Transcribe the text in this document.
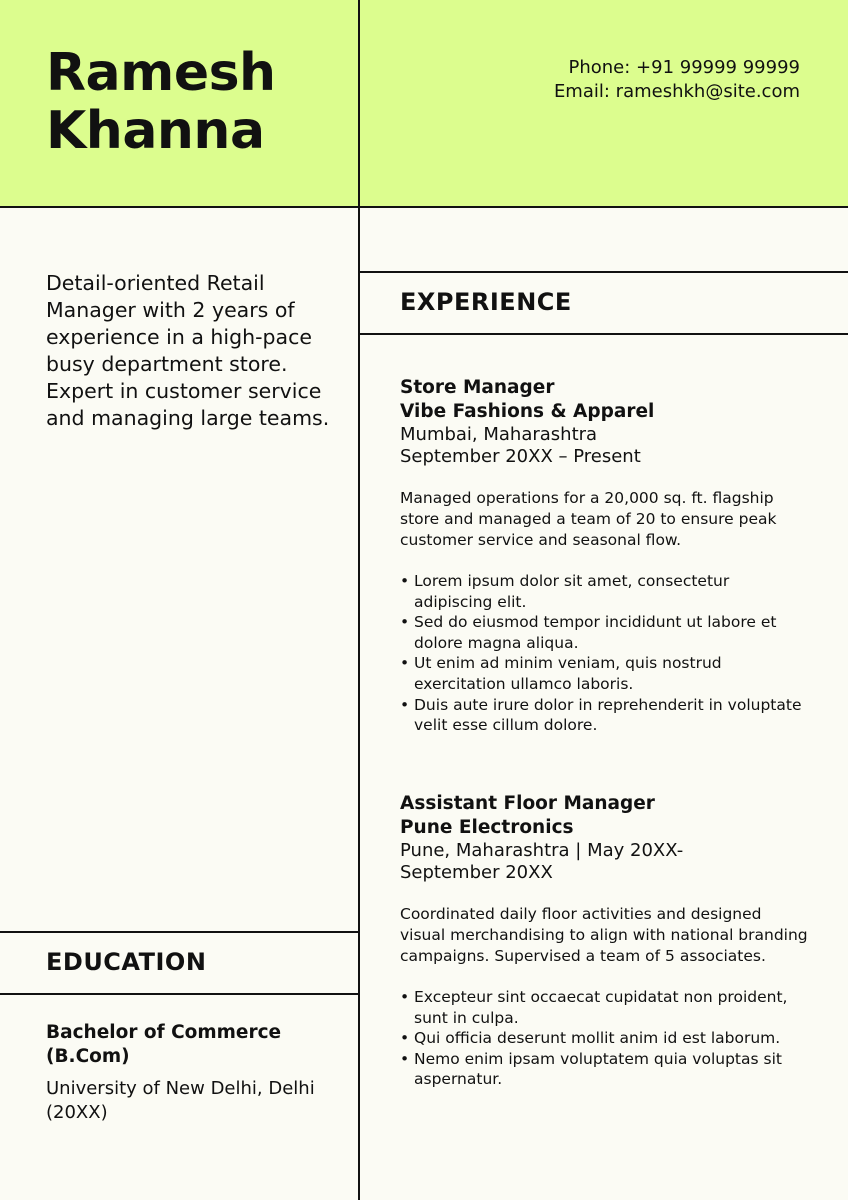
Ramesh
Khanna
Phone: +91 99999 99999
Email: rameshkh@site.com

Detail-oriented Retail Manager with 2 years of experience in a high-pace busy department store. Expert in customer service and managing large teams.

EXPERIENCE
Store Manager
Vibe Fashions & Apparel
Mumbai, Maharashtra
September 20XX – Present

Managed operations for a 20,000 sq. ft. flagship store and managed a team of 20 to ensure peak customer service and seasonal flow.

• Lorem ipsum dolor sit amet, consectetur adipiscing elit.
• Sed do eiusmod tempor incididunt ut labore et dolore magna aliqua.
• Ut enim ad minim veniam, quis nostrud exercitation ullamco laboris.
• Duis aute irure dolor in reprehenderit in voluptate velit esse cillum dolore.
Assistant Floor Manager
Pune Electronics
Pune, Maharashtra | May 20XX-
September 20XX

Coordinated daily floor activities and designed visual merchandising to align with national branding campaigns. Supervised a team of 5 associates.

• Excepteur sint occaecat cupidatat non proident, sunt in culpa.
• Qui officia deserunt mollit anim id est laborum.
• Nemo enim ipsam voluptatem quia voluptas sit aspernatur.
EDUCATION
Bachelor of Commerce (B.Com)
University of New Delhi, Delhi (20XX)
